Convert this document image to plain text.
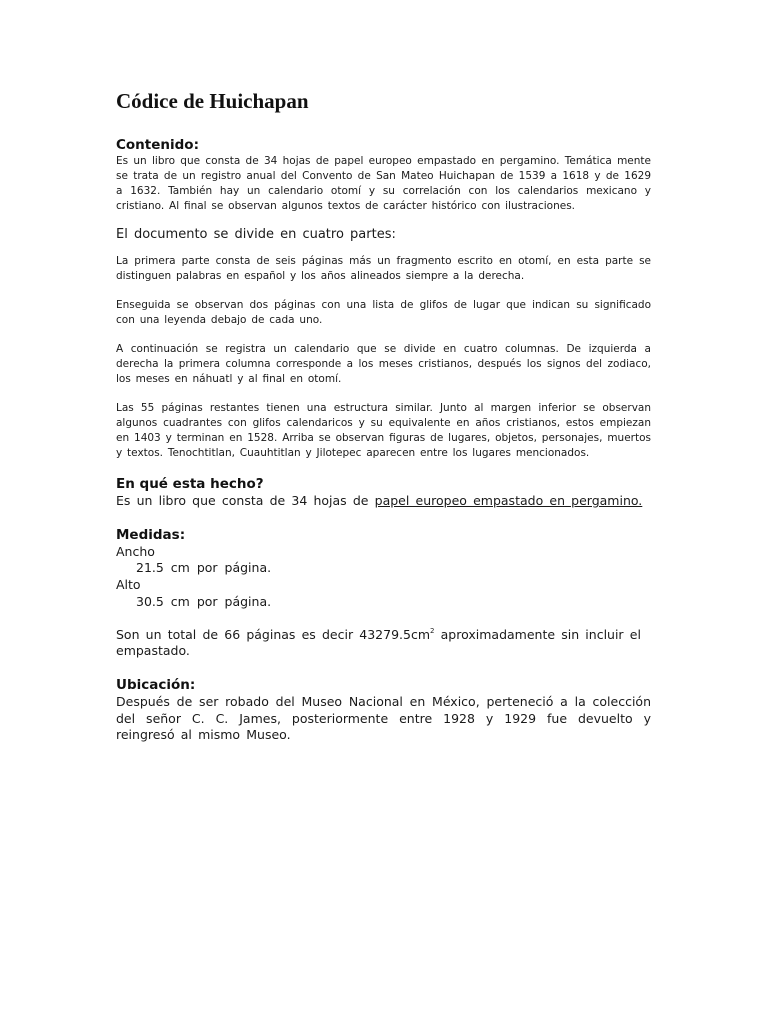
Códice de Huichapan
Contenido:

Es un libro que consta de 34 hojas de papel europeo empastado en pergamino. Temática mente se trata de un registro anual del Convento de San Mateo Huichapan de 1539 a 1618 y de 1629 a 1632. También hay un calendario otomí y su correlación con los calendarios mexicano y cristiano. Al final se observan algunos textos de carácter histórico con ilustraciones.

El documento se divide en cuatro partes:

La primera parte consta de seis páginas más un fragmento escrito en otomí, en esta parte se distinguen palabras en español y los años alineados siempre a la derecha.

Enseguida se observan dos páginas con una lista de glifos de lugar que indican su significado con una leyenda debajo de cada uno.

A continuación se registra un calendario que se divide en cuatro columnas. De izquierda a derecha la primera columna corresponde a los meses cristianos, después los signos del zodiaco, los meses en náhuatl y al final en otomí.

Las 55 páginas restantes tienen una estructura similar. Junto al margen inferior se observan algunos cuadrantes con glifos calendaricos y su equivalente en años cristianos, estos empiezan en 1403 y terminan en 1528. Arriba se observan figuras de lugares, objetos, personajes, muertos y textos. Tenochtitlan, Cuauhtitlan y Jilotepec aparecen entre los lugares mencionados.

En qué esta hecho?

Es un libro que consta de 34 hojas de papel europeo empastado en pergamino.

Medidas:

Ancho

21.5 cm por página.

Alto

30.5 cm por página.

Son un total de 66 páginas es decir $43279.5cm^2$ aproximadamente sin incluir el empastado.

Ubicación:

Después de ser robado del Museo Nacional en México, perteneció a la colección del señor C. C. James, posteriormente entre 1928 y 1929 fue devuelto y reingresó al mismo Museo.
